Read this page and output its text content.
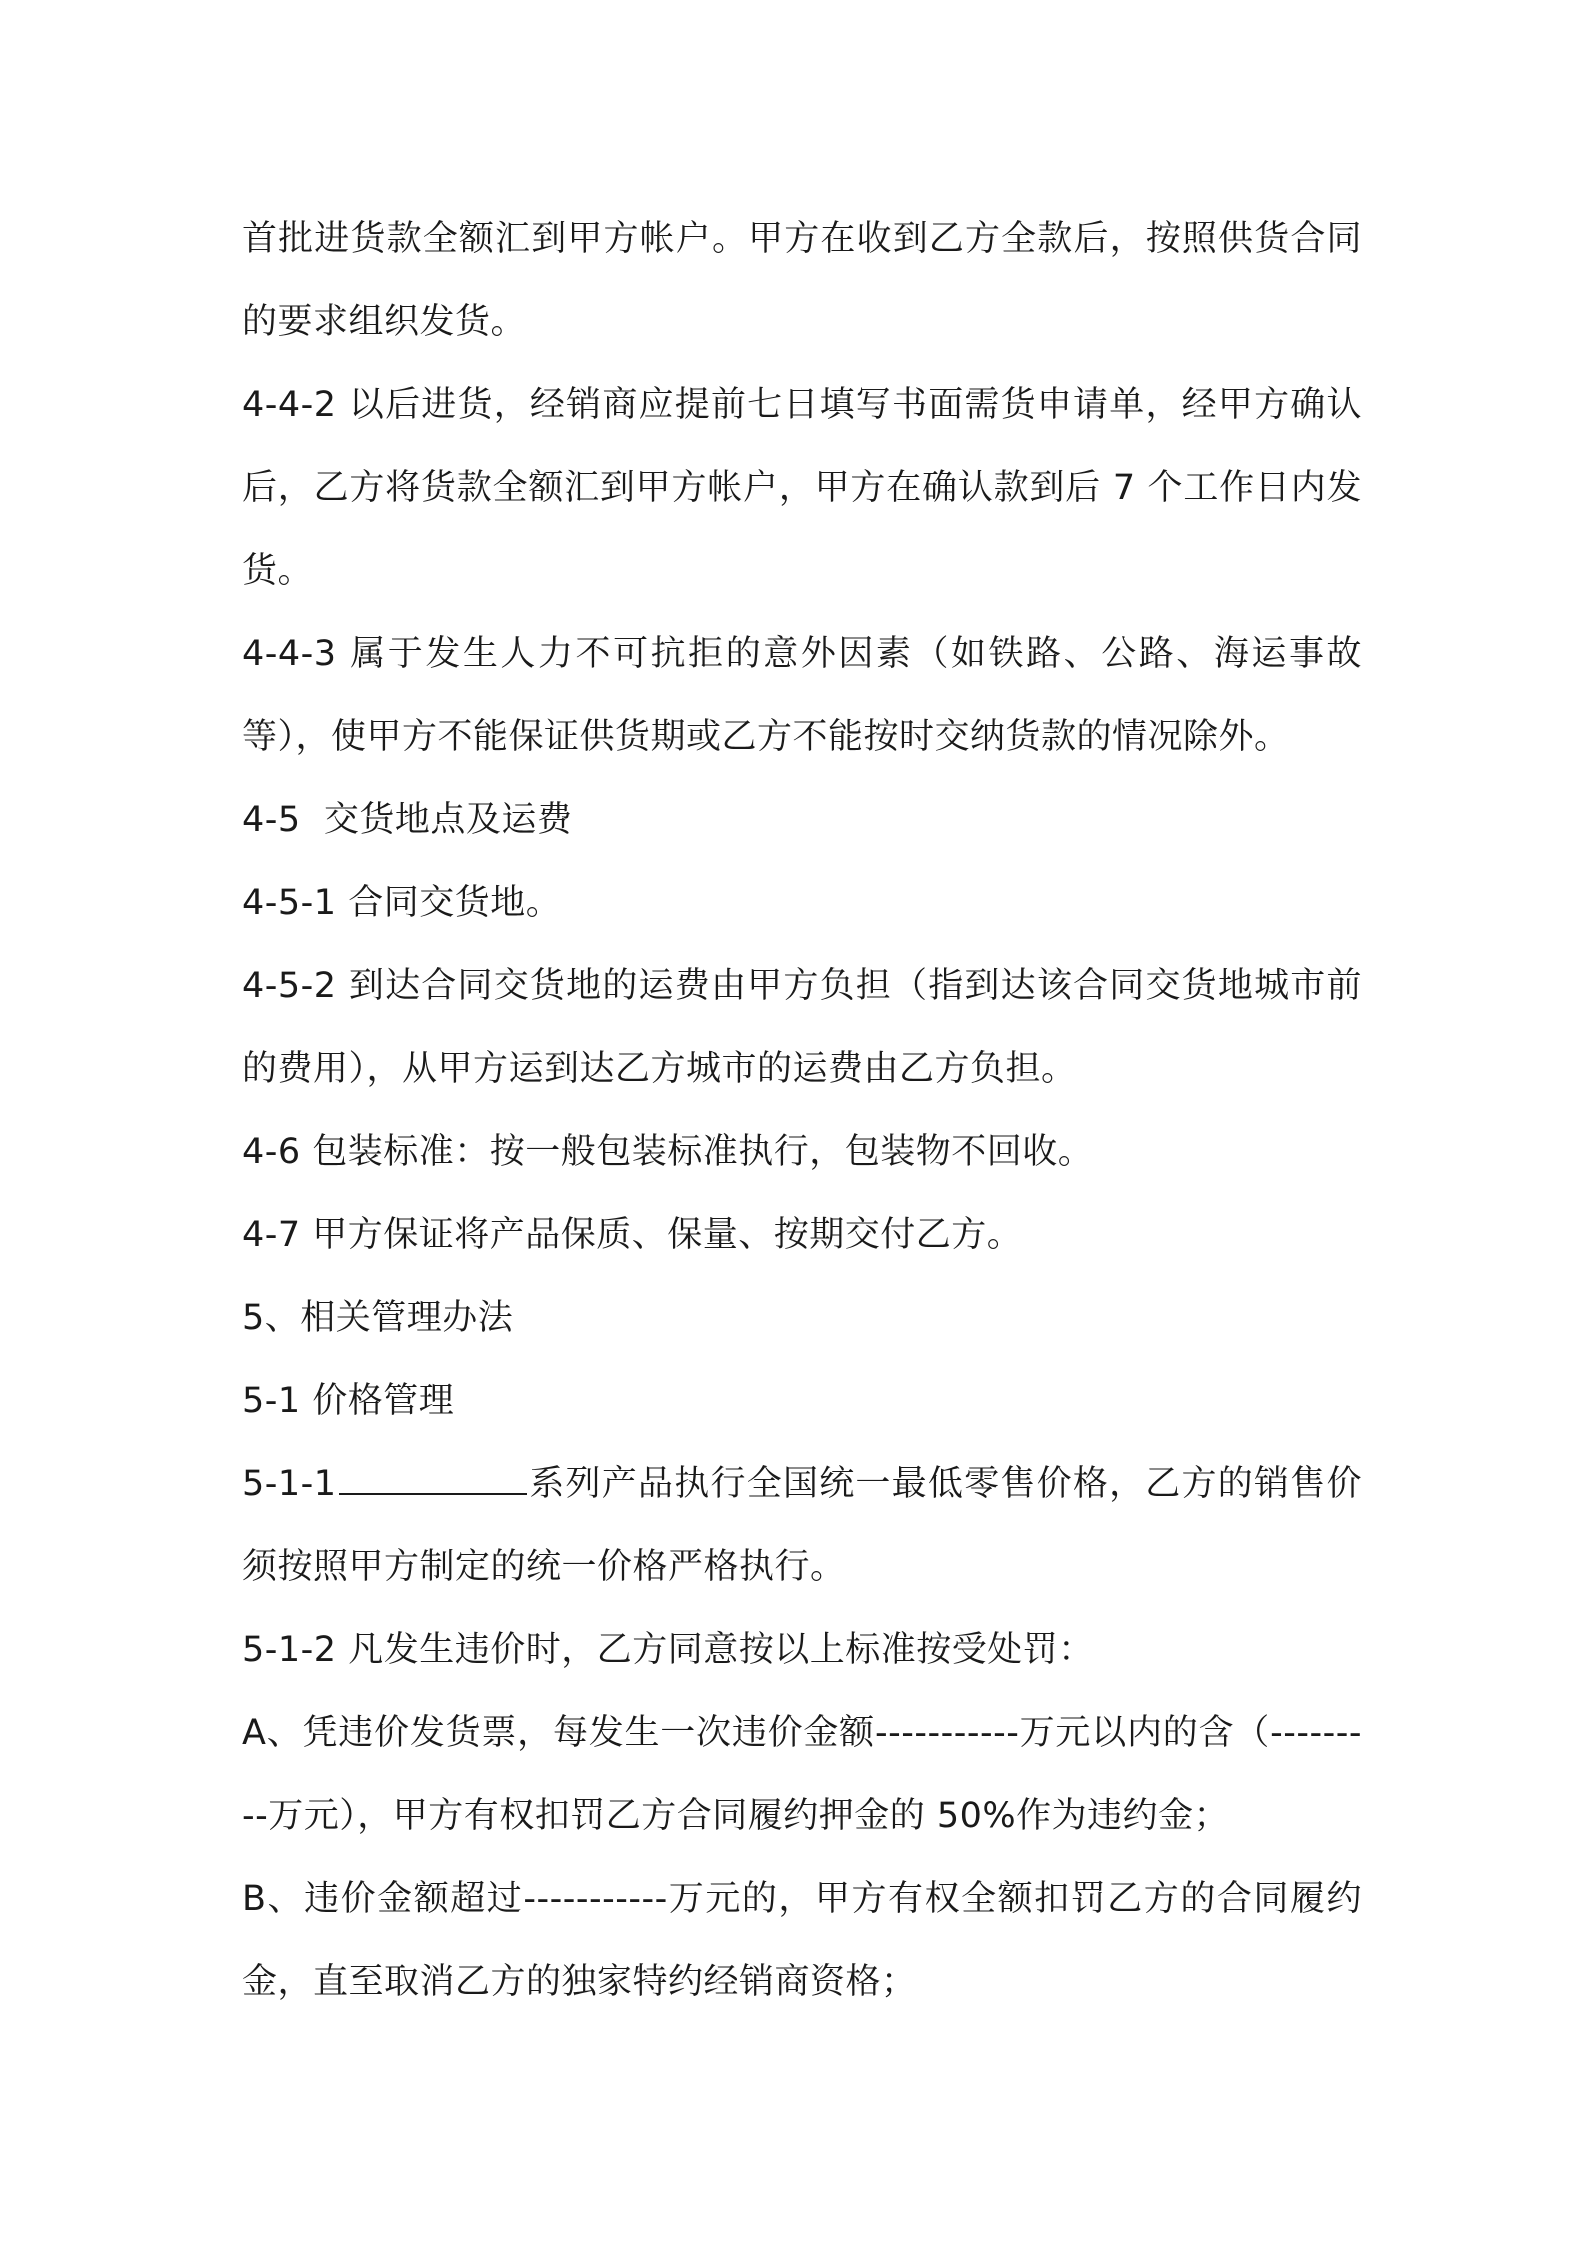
首批进货款全额汇到甲方帐户。甲方在收到乙方全款后，按照供货合同的要求组织发货。

4-4-2 以后进货，经销商应提前七日填写书面需货申请单，经甲方确认后，乙方将货款全额汇到甲方帐户，甲方在确认款到后 7 个工作日内发货。

4-4-3 属于发生人力不可抗拒的意外因素（如铁路、公路、海运事故等），使甲方不能保证供货期或乙方不能按时交纳货款的情况除外。

4-5  交货地点及运费

4-5-1 合同交货地。

4-5-2 到达合同交货地的运费由甲方负担（指到达该合同交货地城市前的费用），从甲方运到达乙方城市的运费由乙方负担。

4-6 包装标准：按一般包装标准执行，包装物不回收。

4-7 甲方保证将产品保质、保量、按期交付乙方。

5、相关管理办法

5-1 价格管理

5-1-1	系列产品执行全国统一最低零售价格，乙方的销售价须按照甲方制定的统一价格严格执行。

5-1-2 凡发生违价时，乙方同意按以上标准按受处罚：

A、凭违价发货票，每发生一次违价金额-----------万元以内的含（---------万元），甲方有权扣罚乙方合同履约押金的 50%作为违约金；

B、违价金额超过-----------万元的，甲方有权全额扣罚乙方的合同履约金，直至取消乙方的独家特约经销商资格；
